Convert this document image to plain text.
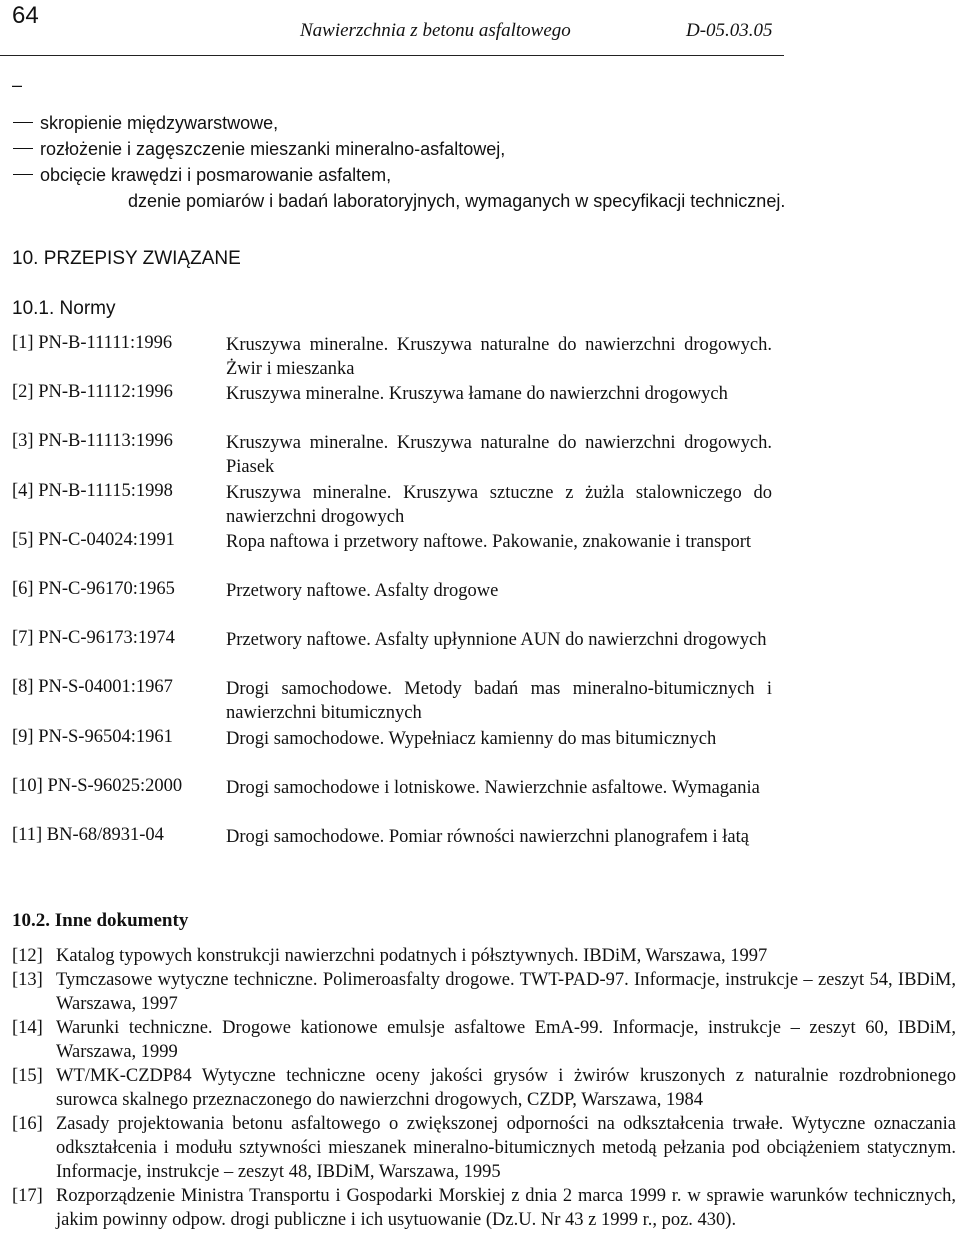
64
Nawierzchnia z betonu asfaltowego	D-05.03.05
–
skropienie międzywarstwowe,
rozłożenie i zagęszczenie mieszanki mineralno-asfaltowej,
obcięcie krawędzi i posmarowanie asfaltem,
dzenie pomiarów i badań laboratoryjnych, wymaganych w specyfikacji technicznej.
10. PRZEPISY ZWIĄZANE
10.1. Normy
[1] PN-B-11111:1996	Kruszywa mineralne. Kruszywa naturalne do nawierzchni drogowych. Żwir i mieszanka
[2] PN-B-11112:1996	Kruszywa mineralne. Kruszywa łamane do nawierzchni drogowych
[3] PN-B-11113:1996	Kruszywa mineralne. Kruszywa naturalne do nawierzchni drogowych. Piasek
[4] PN-B-11115:1998	Kruszywa mineralne. Kruszywa sztuczne z żużla stalowniczego do nawierzchni drogowych
[5] PN-C-04024:1991	Ropa naftowa i przetwory naftowe. Pakowanie, znakowanie i transport
[6] PN-C-96170:1965	Przetwory naftowe. Asfalty drogowe
[7] PN-C-96173:1974	Przetwory naftowe. Asfalty upłynnione AUN do nawierzchni drogowych
[8] PN-S-04001:1967	Drogi samochodowe. Metody badań mas mineralno-bitumicznych i nawierzchni bitumicznych
[9] PN-S-96504:1961	Drogi samochodowe. Wypełniacz kamienny do mas bitumicznych
[10] PN-S-96025:2000 Drogi samochodowe i lotniskowe. Nawierzchnie asfaltowe. Wymagania
[11] BN-68/8931-04	Drogi samochodowe. Pomiar równości nawierzchni planografem i łatą
10.2. Inne dokumenty
[12] Katalog typowych konstrukcji nawierzchni podatnych i półsztywnych. IBDiM, Warszawa, 1997
[13] Tymczasowe wytyczne techniczne. Polimeroasfalty drogowe. TWT-PAD-97. Informacje, instrukcje – zeszyt 54, IBDiM, Warszawa, 1997
[14] Warunki techniczne. Drogowe kationowe emulsje asfaltowe EmA-99. Informacje, instrukcje – zeszyt 60, IBDiM, Warszawa, 1999
[15] WT/MK-CZDP84 Wytyczne techniczne oceny jakości grysów i żwirów kruszonych z naturalnie rozdrobnionego surowca skalnego przeznaczonego do nawierzchni drogowych, CZDP, Warszawa, 1984
[16] Zasady projektowania betonu asfaltowego o zwiększonej odporności na odkształcenia trwałe. Wytyczne oznaczania odkształcenia i modułu sztywności mieszanek mineralno-bitumicznych metodą pełzania pod obciążeniem statycznym. Informacje, instrukcje – zeszyt 48, IBDiM, Warszawa, 1995
[17] Rozporządzenie Ministra Transportu i Gospodarki Morskiej z dnia 2 marca 1999 r. w sprawie warunków technicznych, jakim powinny odpow. drogi publiczne i ich usytuowanie (Dz.U. Nr 43 z 1999 r., poz. 430).
